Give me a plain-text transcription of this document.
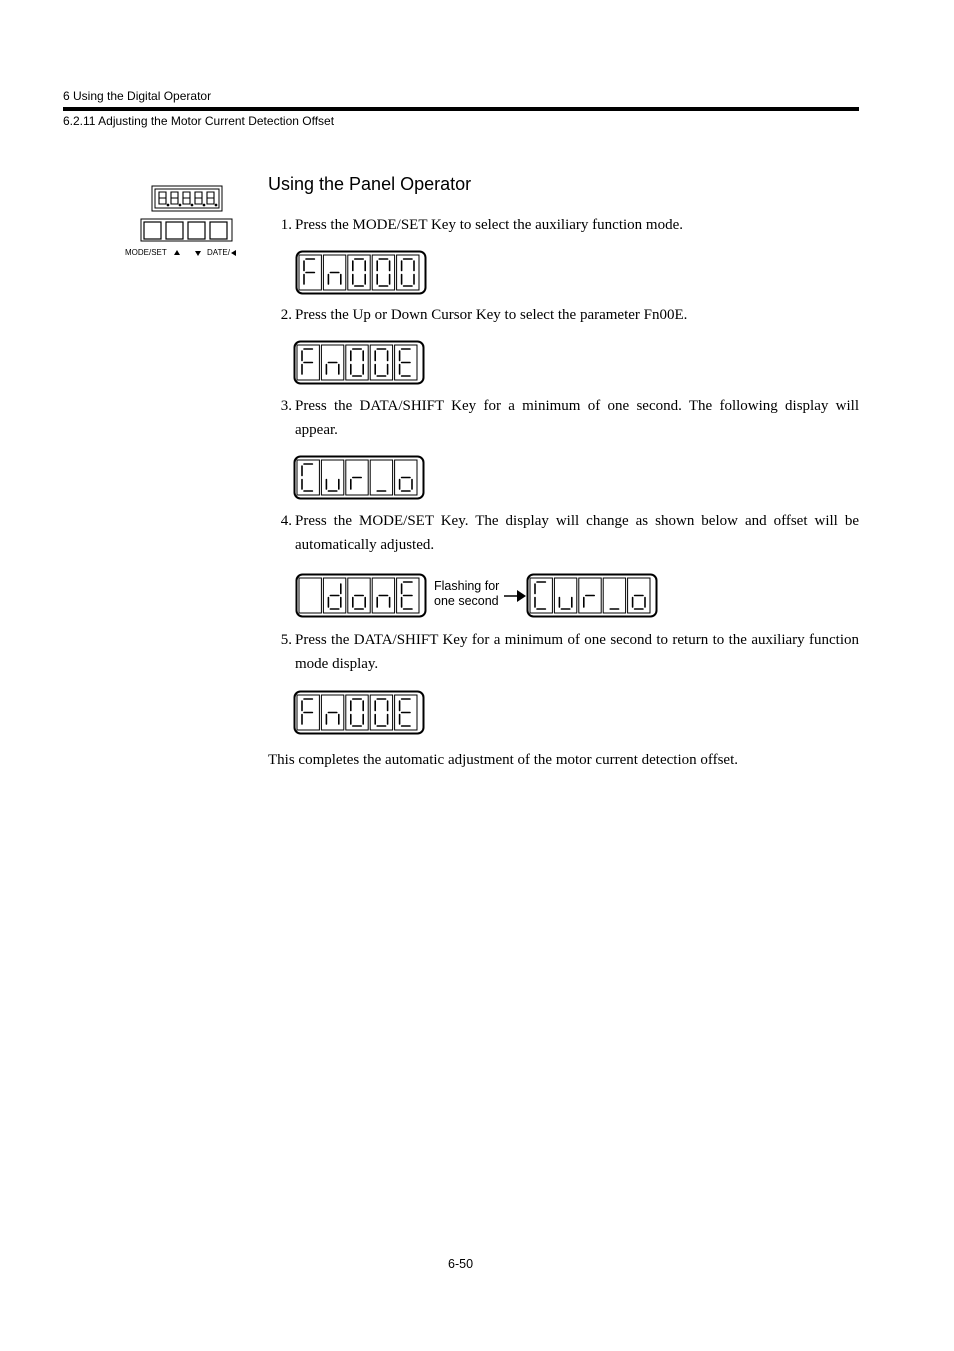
6 Using the Digital Operator
6.2.11 Adjusting the Motor Current Detection Offset
MODE/SET	DATE/
Using the Panel Operator
1. Press the MODE/SET Key to select the auxiliary function mode.
2. Press the Up or Down Cursor Key to select the parameter Fn00E.
3. Press the DATA/SHIFT Key for a minimum of one second. The following display will appear.
4. Press the MODE/SET Key. The display will change as shown below and offset will be automatically adjusted.
Flashing for
one second
5. Press the DATA/SHIFT Key for a minimum of one second to return to the auxiliary function mode display.
This completes the automatic adjustment of the motor current detection offset.
6-50
